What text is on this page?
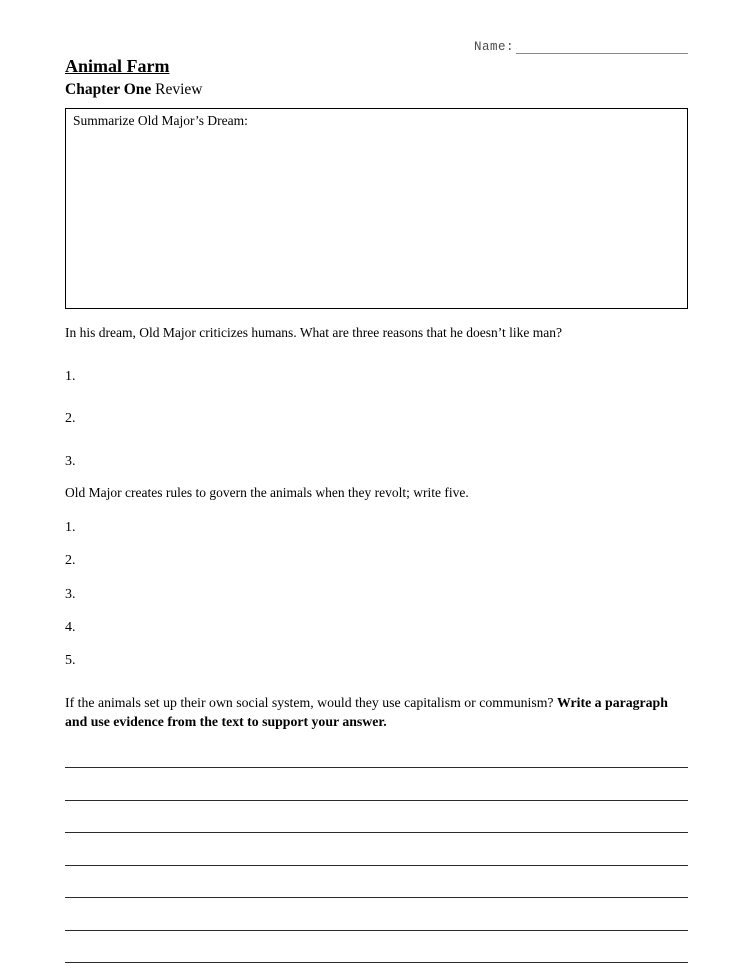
Name:
Animal Farm
Chapter One Review
Summarize Old Major’s Dream:

In his dream, Old Major criticizes humans. What are three reasons that he doesn’t like man?

1.
2.
3.

Old Major creates rules to govern the animals when they revolt; write five.

1.
2.
3.
4.
5.

If the animals set up their own social system, would they use capitalism or communism? Write a paragraph and use evidence from the text to support your answer.
